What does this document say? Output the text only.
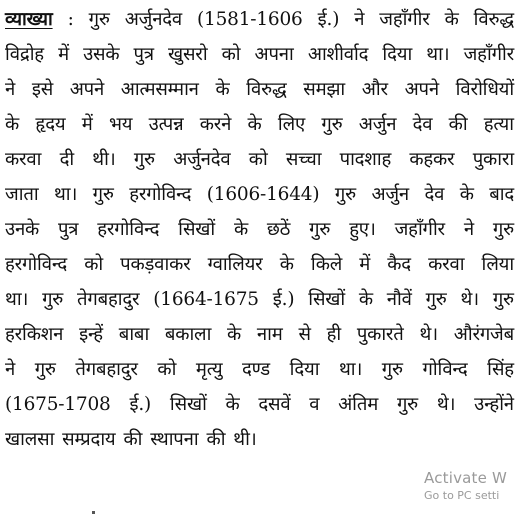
व्याख्या : गुरु अर्जुनदेव (1581-1606 ई.) ने जहाँगीर के विरुद्ध
विद्रोह में उसके पुत्र खुसरो को अपना आशीर्वाद दिया था। जहाँगीर
ने इसे अपने आत्मसम्मान के विरुद्ध समझा और अपने विरोधियों
के हृदय में भय उत्पन्न करने के लिए गुरु अर्जुन देव की हत्या
करवा दी थी। गुरु अर्जुनदेव को सच्चा पादशाह कहकर पुकारा
जाता था। गुरु हरगोविन्द (1606-1644) गुरु अर्जुन देव के बाद
उनके पुत्र हरगोविन्द सिखों के छठें गुरु हुए। जहाँगीर ने गुरु
हरगोविन्द को पकड़वाकर ग्वालियर के किले में कैद करवा लिया
था। गुरु तेगबहादुर (1664-1675 ई.) सिखों के नौवें गुरु थे। गुरु
हरकिशन इन्हें बाबा बकाला के नाम से ही पुकारते थे। औरंगजेब
ने गुरु तेगबहादुर को मृत्यु दण्ड दिया था। गुरु गोविन्द सिंह
(1675-1708 ई.) सिखों के दसवें व अंतिम गुरु थे। उन्होंने
खालसा सम्प्रदाय की स्थापना की थी।
Activate W
Go to PC setti
